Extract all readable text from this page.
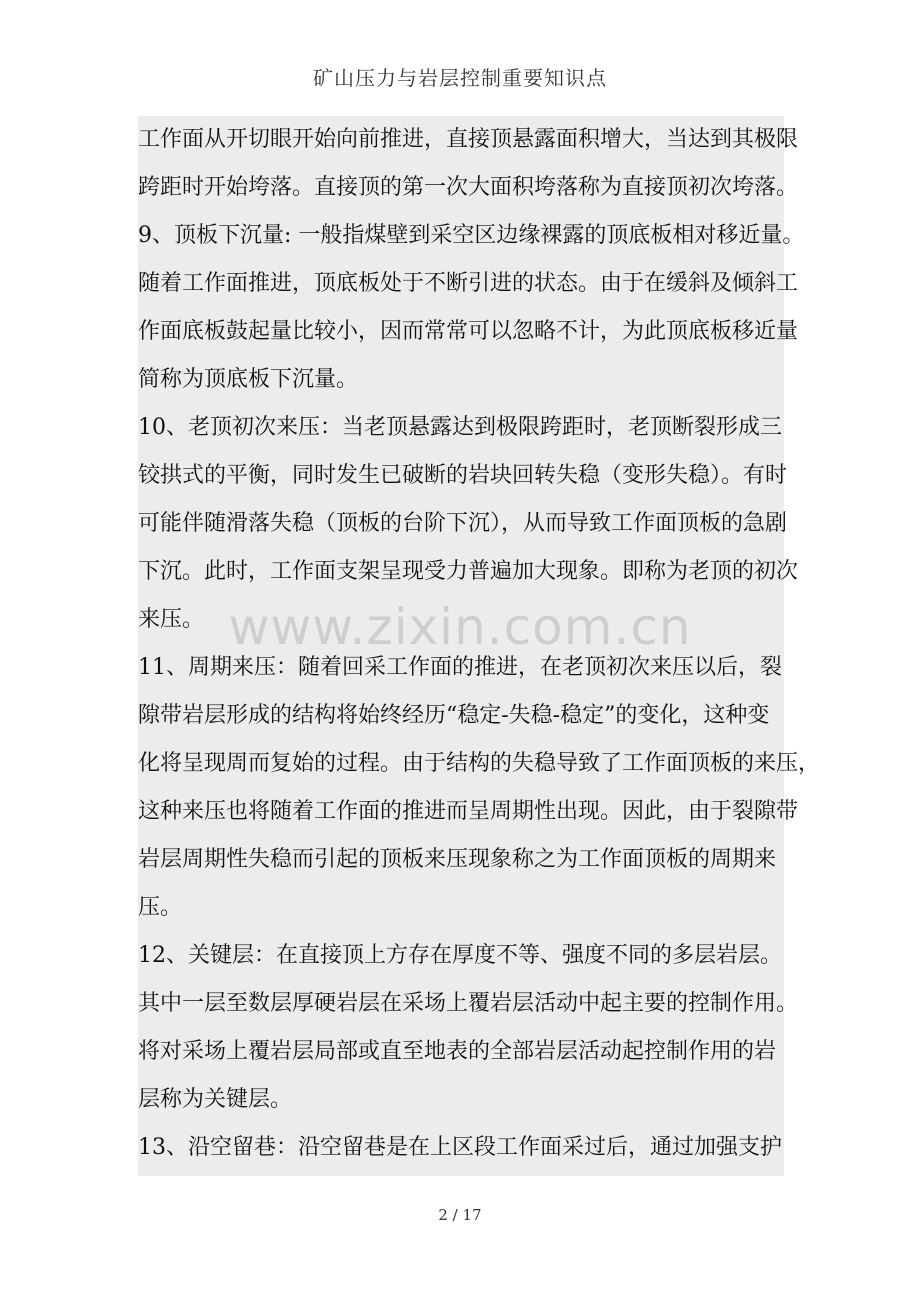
矿山压力与岩层控制重要知识点
工作面从开切眼开始向前推进，直接顶悬露面积增大，当达到其极限
跨距时开始垮落。直接顶的第一次大面积垮落称为直接顶初次垮落。
9、顶板下沉量: 一般指煤壁到采空区边缘裸露的顶底板相对移近量。
随着工作面推进，顶底板处于不断引进的状态。由于在缓斜及倾斜工
作面底板鼓起量比较小，因而常常可以忽略不计，为此顶底板移近量
简称为顶底板下沉量。
10、老顶初次来压：当老顶悬露达到极限跨距时，老顶断裂形成三
铰拱式的平衡，同时发生已破断的岩块回转失稳（变形失稳）。有时
可能伴随滑落失稳（顶板的台阶下沉），从而导致工作面顶板的急剧
下沉。此时，工作面支架呈现受力普遍加大现象。即称为老顶的初次
来压。
11、周期来压：随着回采工作面的推进，在老顶初次来压以后，裂
隙带岩层形成的结构将始终经历“稳定-失稳-稳定”的变化，这种变
化将呈现周而复始的过程。由于结构的失稳导致了工作面顶板的来压，
这种来压也将随着工作面的推进而呈周期性出现。因此，由于裂隙带
岩层周期性失稳而引起的顶板来压现象称之为工作面顶板的周期来
压。
12、关键层：在直接顶上方存在厚度不等、强度不同的多层岩层。
其中一层至数层厚硬岩层在采场上覆岩层活动中起主要的控制作用。
将对采场上覆岩层局部或直至地表的全部岩层活动起控制作用的岩
层称为关键层。
13、沿空留巷：沿空留巷是在上区段工作面采过后，通过加强支护
www.zixin.com.cn
2 / 17
